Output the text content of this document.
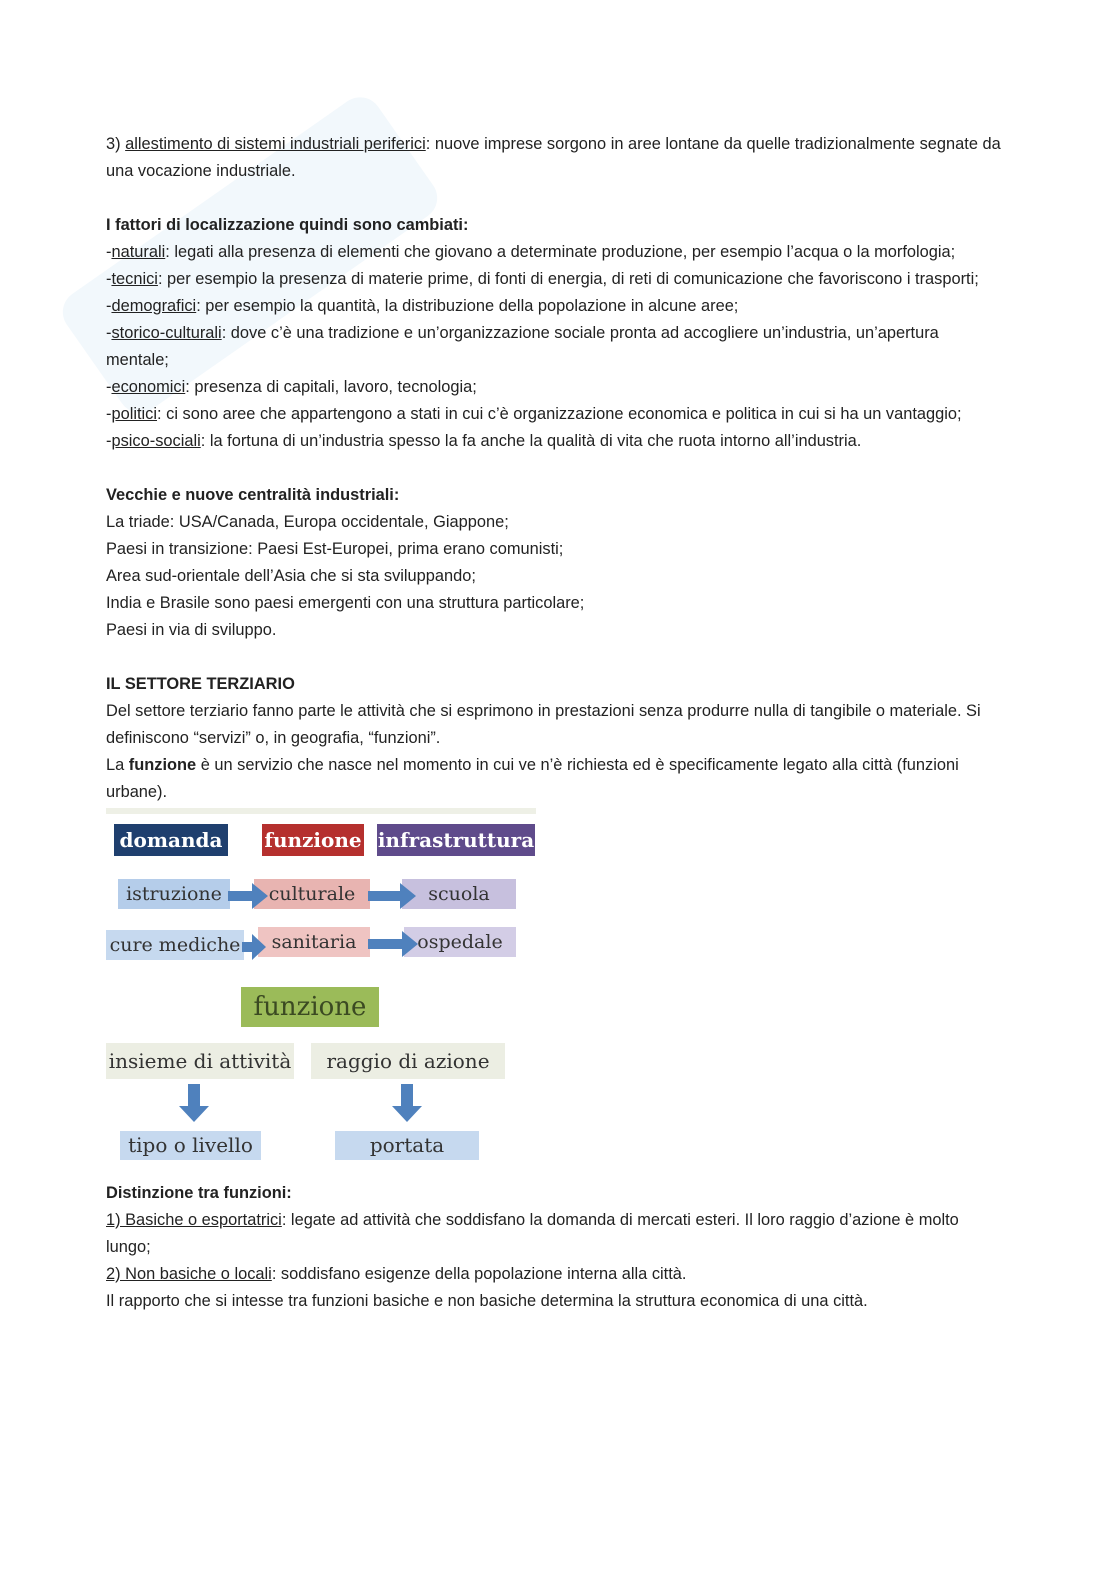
3) allestimento di sistemi industriali periferici: nuove imprese sorgono in aree lontane da quelle tradizionalmente segnate da una vocazione industriale.

I fattori di localizzazione quindi sono cambiati:

-naturali: legati alla presenza di elementi che giovano a determinate produzione, per esempio l’acqua o la morfologia;

-tecnici: per esempio la presenza di materie prime, di fonti di energia, di reti di comunicazione che favoriscono i trasporti;

-demografici: per esempio la quantità, la distribuzione della popolazione in alcune aree;

-storico-culturali: dove c’è una tradizione e un’organizzazione sociale pronta ad accogliere un’industria, un’apertura mentale;

-economici: presenza di capitali, lavoro, tecnologia;

-politici: ci sono aree che appartengono a stati in cui c’è organizzazione economica e politica in cui si ha un vantaggio;

-psico-sociali: la fortuna di un’industria spesso la fa anche la qualità di vita che ruota intorno all’industria.

Vecchie e nuove centralità industriali:

La triade: USA/Canada, Europa occidentale, Giappone;

Paesi in transizione: Paesi Est-Europei, prima erano comunisti;

Area sud-orientale dell’Asia che si sta sviluppando;

India e Brasile sono paesi emergenti con una struttura particolare;

Paesi in via di sviluppo.

IL SETTORE TERZIARIO

Del settore terziario fanno parte le attività che si esprimono in prestazioni senza produrre nulla di tangibile o materiale. Si definiscono “servizi” o, in geografia, “funzioni”.

La funzione è un servizio che nasce nel momento in cui ve n’è richiesta ed è specificamente legato alla città (funzioni urbane).

domanda funzione infrastruttura
istruzione	culturale	scuola
cure mediche	sanitaria	ospedale
funzione
insieme di attività	raggio di azione
tipo o livello	portata

Distinzione tra funzioni:

1) Basiche o esportatrici: legate ad attività che soddisfano la domanda di mercati esteri. Il loro raggio d’azione è molto lungo;

2) Non basiche o locali: soddisfano esigenze della popolazione interna alla città.

Il rapporto che si intesse tra funzioni basiche e non basiche determina la struttura economica di una città.
